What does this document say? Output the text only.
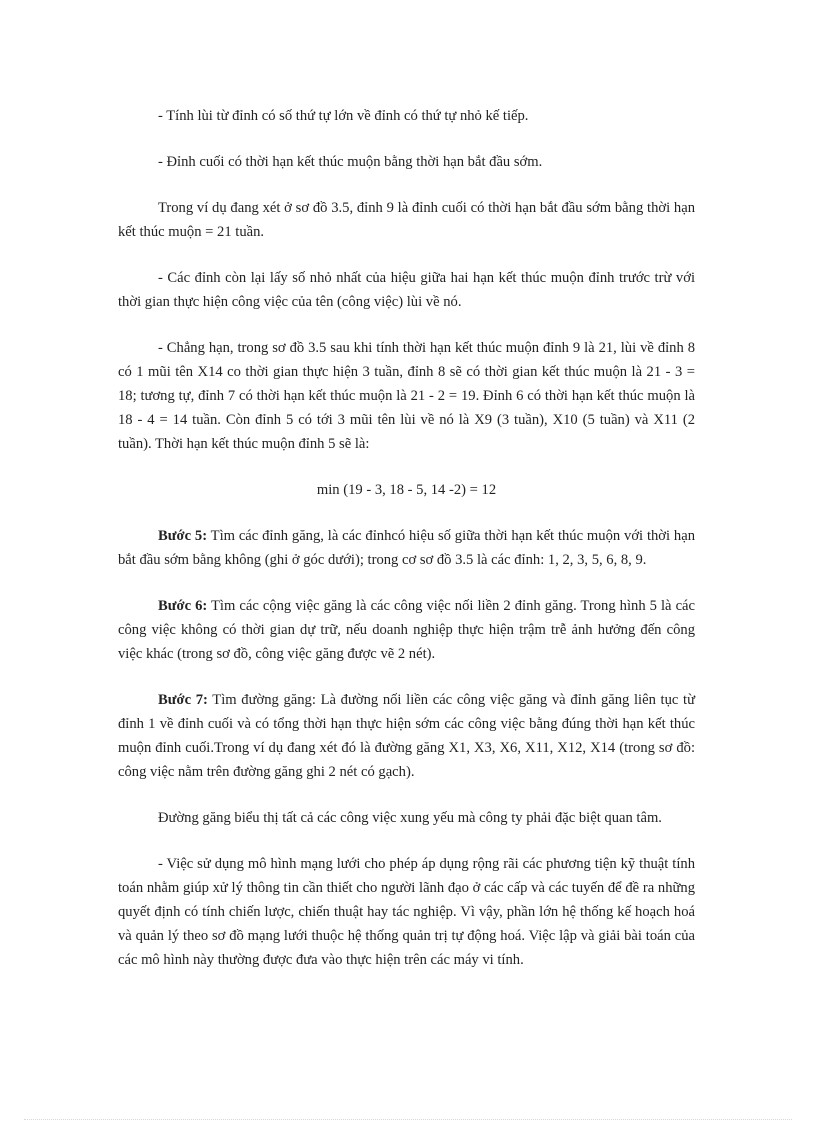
- Tính lùi từ đỉnh có số thứ tự lớn về đỉnh có thứ tự nhỏ kế tiếp.

- Đỉnh cuối có thời hạn kết thúc muộn bằng thời hạn bắt đầu sớm.

Trong ví dụ đang xét ở sơ đồ 3.5, đỉnh 9 là đỉnh cuối có thời hạn bắt đầu sớm bằng thời hạn kết thúc muộn = 21 tuần.

- Các đỉnh còn lại lấy số nhỏ nhất của hiệu giữa hai hạn kết thúc muộn đỉnh trước trừ với thời gian thực hiện công việc của tên (công việc) lùi về nó.

- Chẳng hạn, trong sơ đồ 3.5 sau khi tính thời hạn kết thúc muộn đỉnh 9 là 21, lùi về đỉnh 8 có 1 mũi tên X14 co thời gian thực hiện 3 tuần, đỉnh 8 sẽ có thời gian kết thúc muộn là 21 - 3 = 18; tương tự, đỉnh 7 có thời hạn kết thúc muộn là 21 - 2 = 19. Đỉnh 6 có thời hạn kết thúc muộn là 18 - 4 = 14 tuần. Còn đỉnh 5 có tới 3 mũi tên lùi về nó là X9 (3 tuần), X10 (5 tuần) và X11 (2 tuần). Thời hạn kết thúc muộn đỉnh 5 sẽ là:

min (19 - 3, 18 - 5, 14 -2) = 12

Bước 5: Tìm các đỉnh găng, là các đỉnhcó hiệu số giữa thời hạn kết thúc muộn với thời hạn bắt đầu sớm bằng không (ghi ở góc dưới); trong cơ sơ đồ 3.5 là các đỉnh: 1, 2, 3, 5, 6, 8, 9.

Bước 6: Tìm các cộng việc găng là các công việc nối liền 2 đỉnh găng. Trong hình 5 là các công việc không có thời gian dự trữ, nếu doanh nghiệp thực hiện trậm trễ ảnh hưởng đến công việc khác (trong sơ đồ, công việc găng được vẽ 2 nét).

Bước 7: Tìm đường găng: Là đường nối liền các công việc găng và đỉnh găng liên tục từ đỉnh 1 về đỉnh cuối và có tổng thời hạn thực hiện sớm các công việc bằng đúng thời hạn kết thúc muộn đỉnh cuối.Trong ví dụ đang xét đó là đường găng X1, X3, X6, X11, X12, X14 (trong sơ đồ: công việc nằm trên đường găng ghi 2 nét có gạch).

Đường găng biểu thị tất cả các công việc xung yếu mà công ty phải đặc biệt quan tâm.

- Việc sử dụng mô hình mạng lưới cho phép áp dụng rộng rãi các phương tiện kỹ thuật tính toán nhằm giúp xử lý thông tin cần thiết cho người lãnh đạo ở các cấp và các tuyến để đề ra những quyết định có tính chiến lược, chiến thuật hay tác nghiệp. Vì vậy, phần lớn hệ thống kế hoạch hoá và quản lý theo sơ đồ mạng lưới thuộc hệ thống quản trị tự động hoá. Việc lập và giải bài toán của các mô hình này thường được đưa vào thực hiện trên các máy vi tính.
